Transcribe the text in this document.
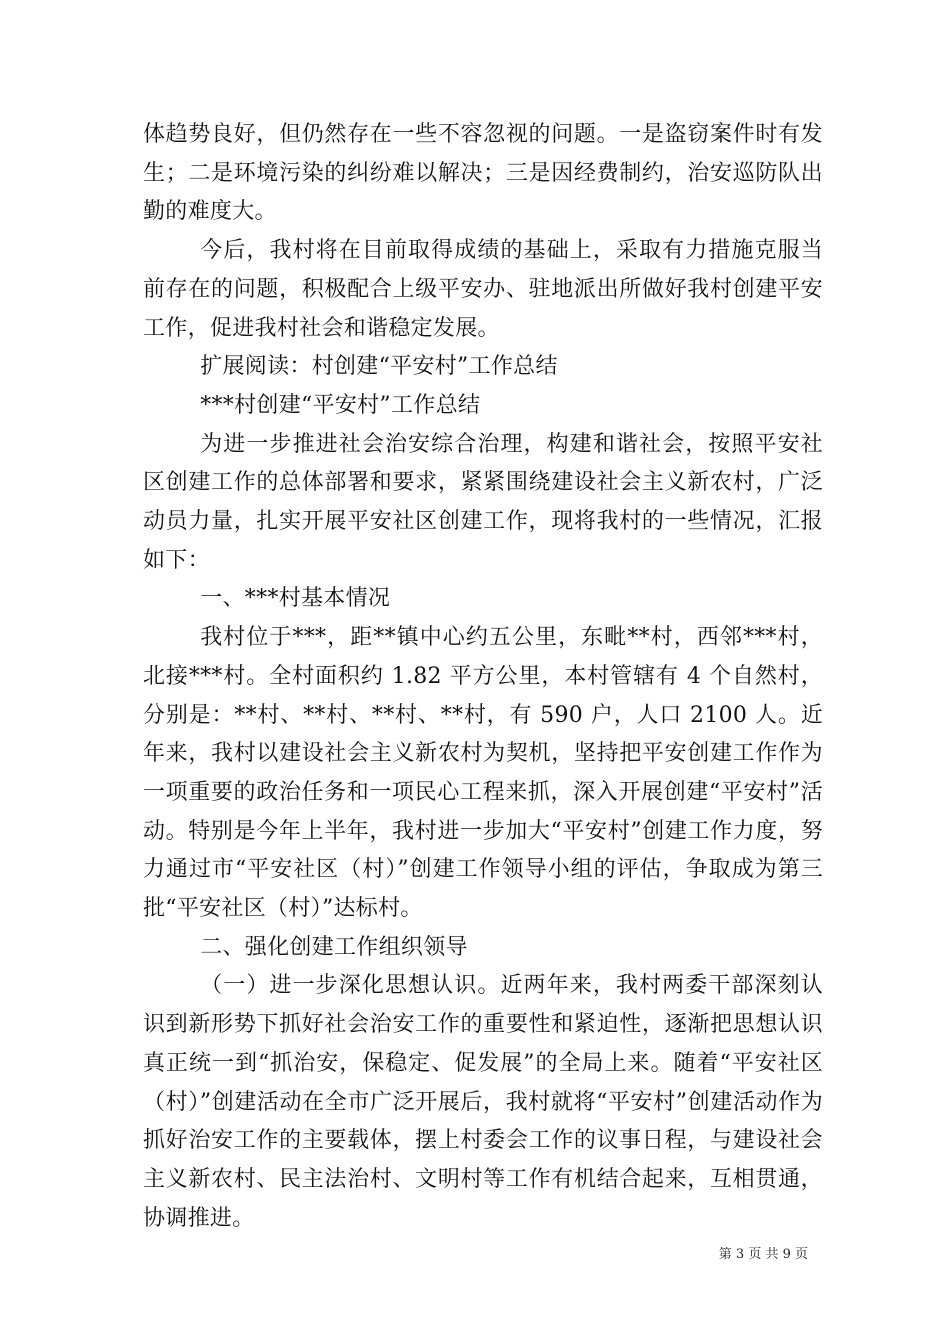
体趋势良好，但仍然存在一些不容忽视的问题。一是盗窃案件时有发生；二是环境污染的纠纷难以解决；三是因经费制约，治安巡防队出勤的难度大。

今后，我村将在目前取得成绩的基础上，采取有力措施克服当前存在的问题，积极配合上级平安办、驻地派出所做好我村创建平安工作，促进我村社会和谐稳定发展。

扩展阅读：村创建“平安村”工作总结

***村创建“平安村”工作总结

为进一步推进社会治安综合治理，构建和谐社会，按照平安社区创建工作的总体部署和要求，紧紧围绕建设社会主义新农村，广泛动员力量，扎实开展平安社区创建工作，现将我村的一些情况，汇报如下：

一、***村基本情况

我村位于***，距**镇中心约五公里，东毗**村，西邻***村，北接***村。全村面积约 1.82 平方公里，本村管辖有 4 个自然村，分别是：**村、**村、**村、**村，有 590 户，人口 2100 人。近年来，我村以建设社会主义新农村为契机，坚持把平安创建工作作为一项重要的政治任务和一项民心工程来抓，深入开展创建“平安村”活动。特别是今年上半年，我村进一步加大“平安村”创建工作力度，努力通过市“平安社区（村）”创建工作领导小组的评估，争取成为第三批“平安社区（村）”达标村。

二、强化创建工作组织领导

（一）进一步深化思想认识。近两年来，我村两委干部深刻认识到新形势下抓好社会治安工作的重要性和紧迫性，逐渐把思想认识真正统一到“抓治安，保稳定、促发展”的全局上来。随着“平安社区（村）”创建活动在全市广泛开展后，我村就将“平安村”创建活动作为抓好治安工作的主要载体，摆上村委会工作的议事日程，与建设社会主义新农村、民主法治村、文明村等工作有机结合起来，互相贯通，协调推进。

第 3 页 共 9 页
